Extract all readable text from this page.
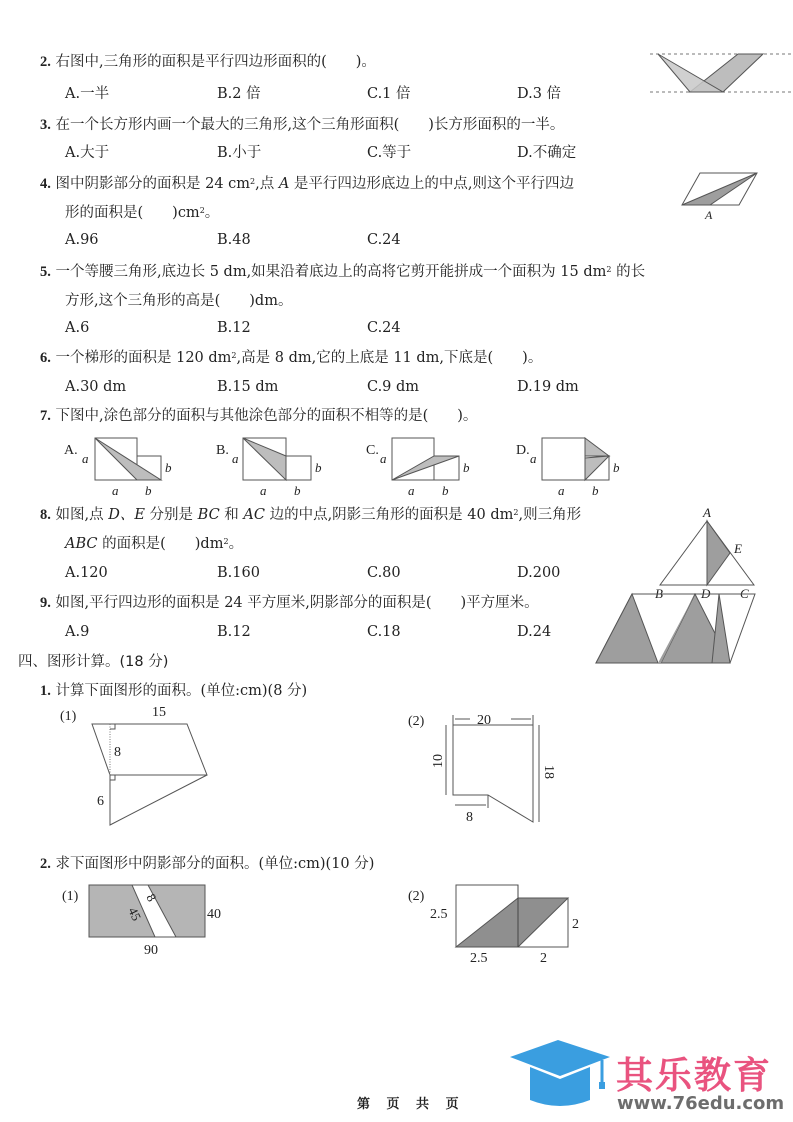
2. 右图中,三角形的面积是平行四边形面积的(　　)。
A.一半	B.2 倍	C.1 倍	D.3 倍
3. 在一个长方形内画一个最大的三角形,这个三角形面积(　　)长方形面积的一半。
A.大于	B.小于	C.等于	D.不确定
4. 图中阴影部分的面积是 24 $cm^2$,点 A 是平行四边形底边上的中点,则这个平行四边
形的面积是(　　)$cm^2$。
A.96	B.48	C.24
A
5. 一个等腰三角形,底边长 5 dm,如果沿着底边上的高将它剪开能拼成一个面积为 15 $dm^2$ 的长
方形,这个三角形的高是(　　)dm。
A.6	B.12	C.24
6. 一个梯形的面积是 120 $dm^2$,高是 8 dm,它的上底是 11 dm,下底是(　　)。
A.30 dm	B.15 dm	C.9 dm	D.19 dm
7. 下图中,涂色部分的面积与其他涂色部分的面积不相等的是(　　)。
A.
a
b
a b
B.
a
b
a b
C.
a
b
a b
D.
a
b
a b
8. 如图,点 D、E 分别是 BC 和 AC 边的中点,阴影三角形的面积是 40 $dm^2$,则三角形
ABC 的面积是(　　)$dm^2$。
A.120	B.160	C.80	D.200
A
E
B	D C
9. 如图,平行四边形的面积是 24 平方厘米,阴影部分的面积是(　　)平方厘米。
A.9	B.12	C.18	D.24
四、图形计算。(18 分)
1. 计算下面图形的面积。(单位:cm)(8 分)
(1)	15
8
6
(2)	20
10
18
8
2. 求下面图形中阴影部分的面积。(单位:cm)(10 分)
(1)	8
45	40
90
(2)
2.5
2
2.5	2
第 页 共 页
其乐教育
www.76edu.com
